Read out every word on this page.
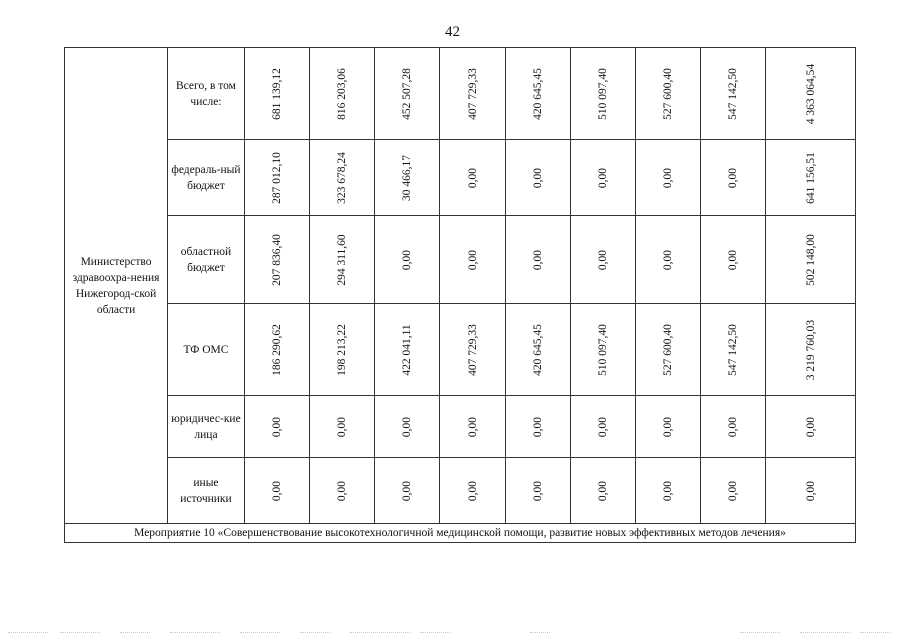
42
Министерство здравоохра-нения Нижегород-ской области	Всего, в том числе:	681 139,12	816 203,06	452 507,28	407 729,33	420 645,45	510 097,40	527 600,40	547 142,50	4 363 064,54

	федераль-ный бюджет	287 012,10	323 678,24	30 466,17	0,00	0,00	0,00	0,00	0,00	641 156,51

	областной бюджет	207 836,40	294 311,60	0,00	0,00	0,00	0,00	0,00	0,00	502 148,00

	ТФ ОМС	186 290,62	198 213,22	422 041,11	407 729,33	420 645,45	510 097,40	527 600,40	547 142,50	3 219 760,03

	юридичес-кие лица	0,00	0,00	0,00	0,00	0,00	0,00	0,00	0,00	0,00

	иные источники	0,00	0,00	0,00	0,00	0,00	0,00	0,00	0,00	0,00

Мероприятие 10 «Совершенствование высокотехнологичной медицинской помощи, развитие новых эффективных методов лечения»										
